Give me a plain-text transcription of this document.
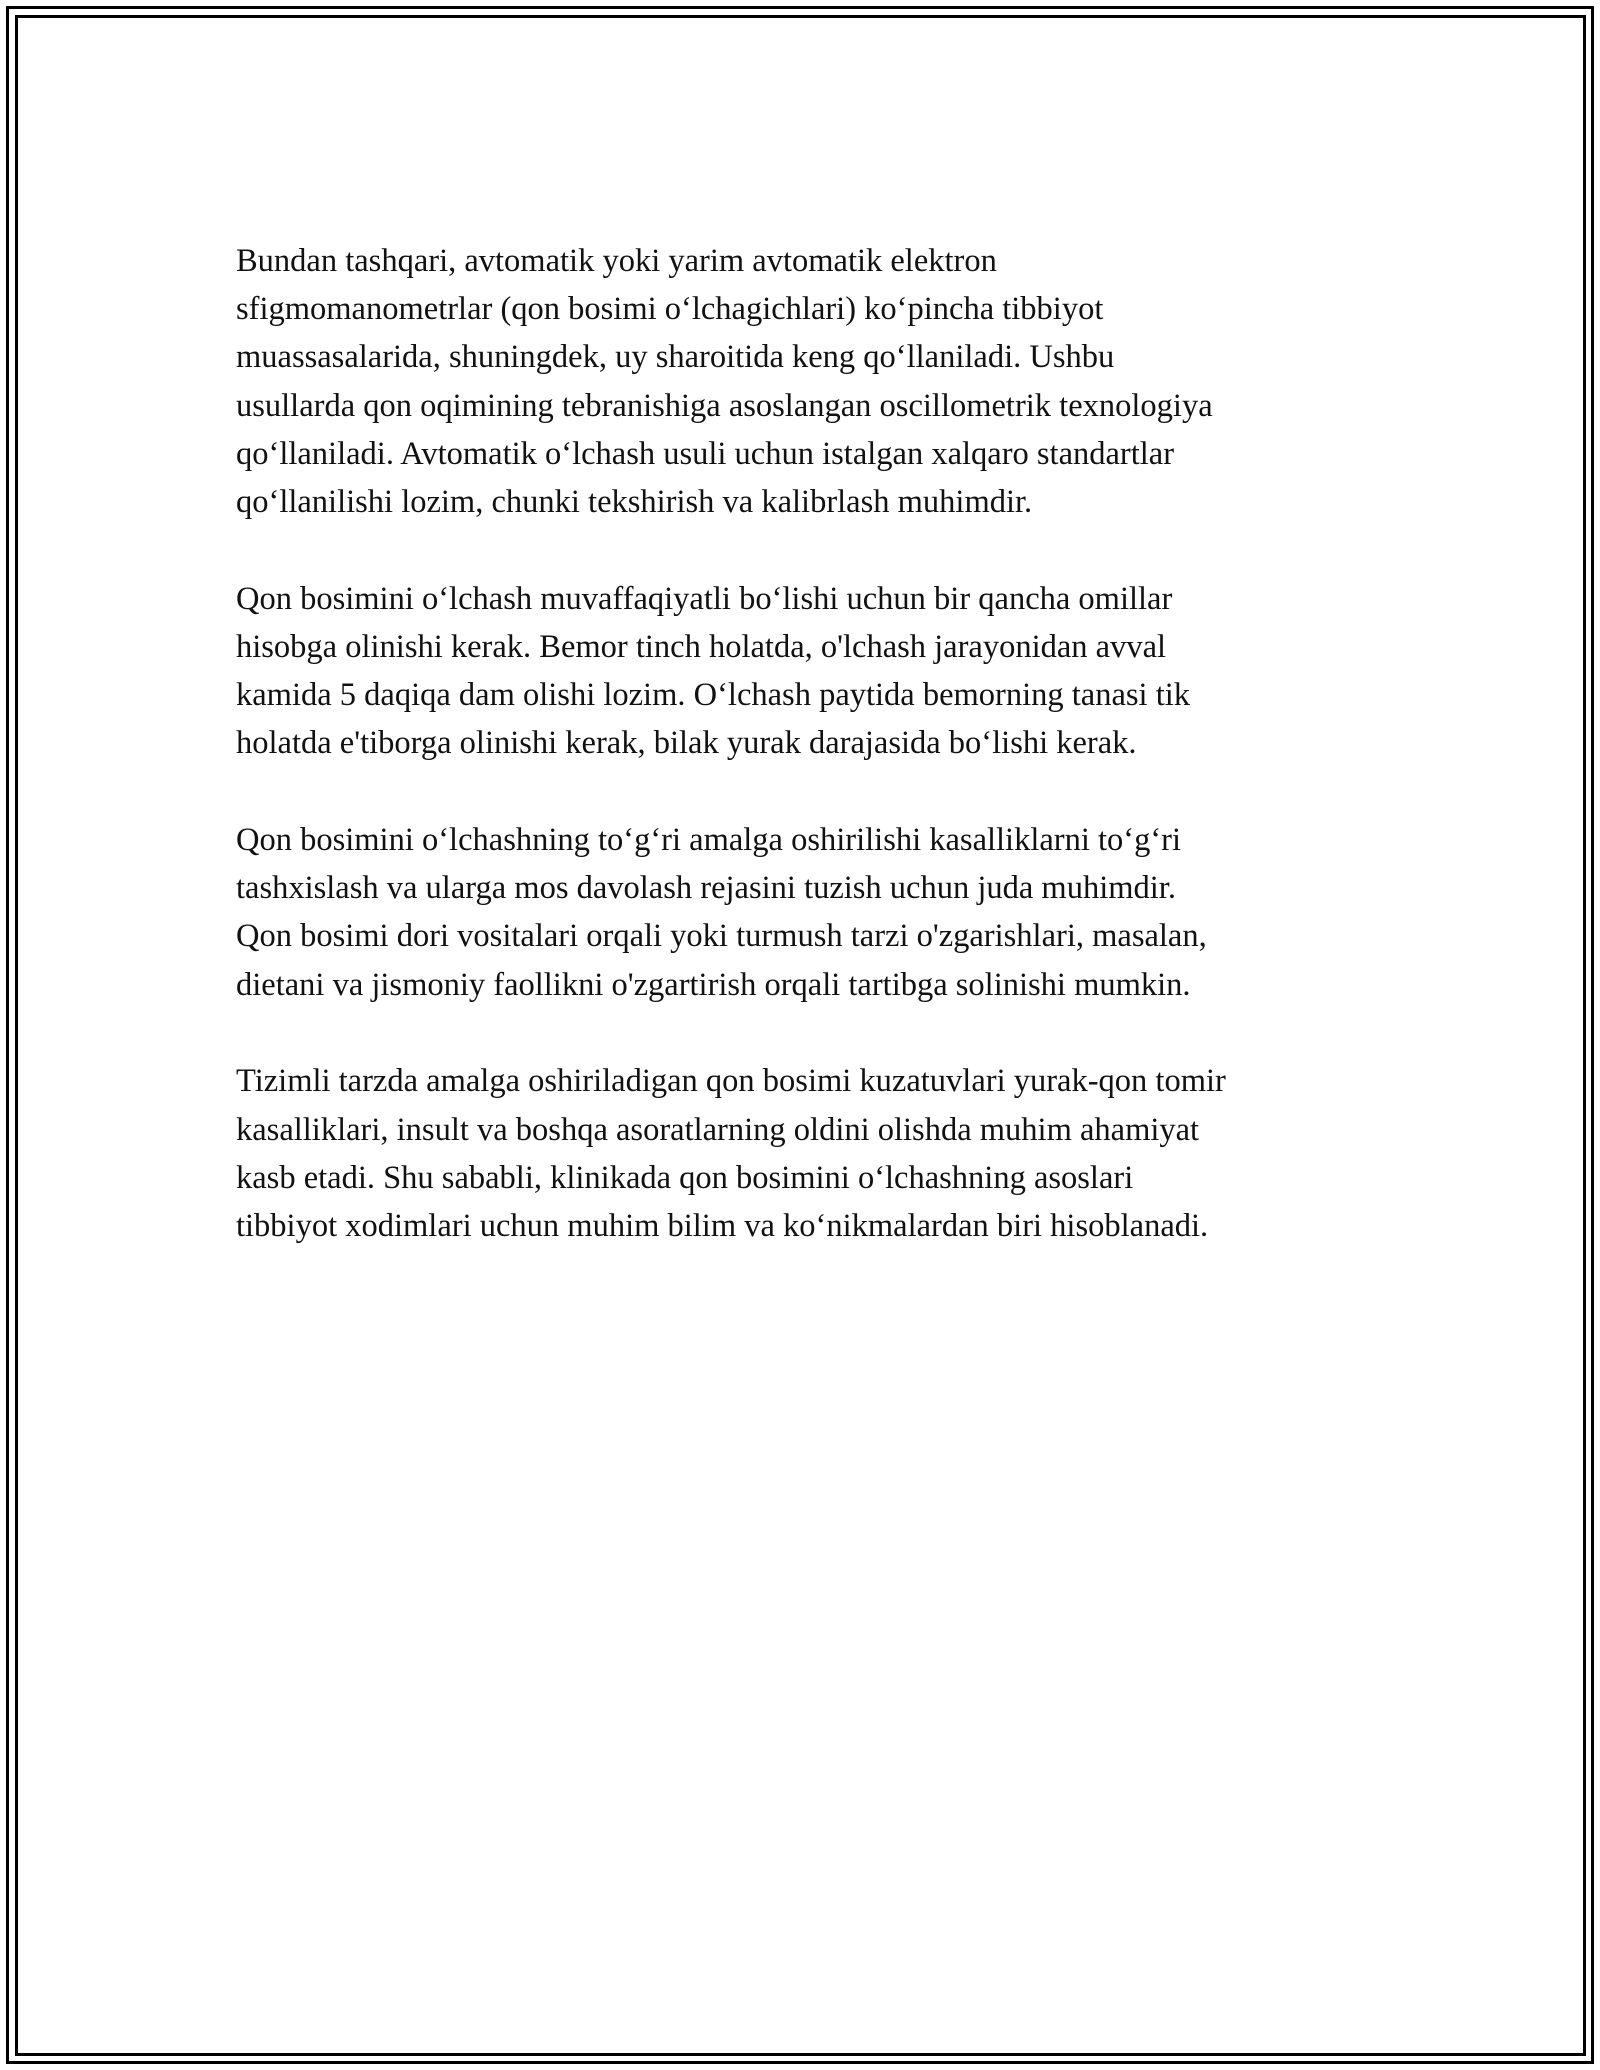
Bundan tashqari, avtomatik yoki yarim avtomatik elektron
sfigmomanometrlar (qon bosimi o‘lchagichlari) ko‘pincha tibbiyot
muassasalarida, shuningdek, uy sharoitida keng qo‘llaniladi. Ushbu
usullarda qon oqimining tebranishiga asoslangan oscillometrik texnologiya
qo‘llaniladi. Avtomatik o‘lchash usuli uchun istalgan xalqaro standartlar
qo‘llanilishi lozim, chunki tekshirish va kalibrlash muhimdir.

Qon bosimini o‘lchash muvaffaqiyatli bo‘lishi uchun bir qancha omillar
hisobga olinishi kerak. Bemor tinch holatda, o'lchash jarayonidan avval
kamida 5 daqiqa dam olishi lozim. O‘lchash paytida bemorning tanasi tik
holatda e'tiborga olinishi kerak, bilak yurak darajasida bo‘lishi kerak.

Qon bosimini o‘lchashning to‘g‘ri amalga oshirilishi kasalliklarni to‘g‘ri
tashxislash va ularga mos davolash rejasini tuzish uchun juda muhimdir.
Qon bosimi dori vositalari orqali yoki turmush tarzi o'zgarishlari, masalan,
dietani va jismoniy faollikni o'zgartirish orqali tartibga solinishi mumkin.

Tizimli tarzda amalga oshiriladigan qon bosimi kuzatuvlari yurak-qon tomir
kasalliklari, insult va boshqa asoratlarning oldini olishda muhim ahamiyat
kasb etadi. Shu sababli, klinikada qon bosimini o‘lchashning asoslari
tibbiyot xodimlari uchun muhim bilim va ko‘nikmalardan biri hisoblanadi.
